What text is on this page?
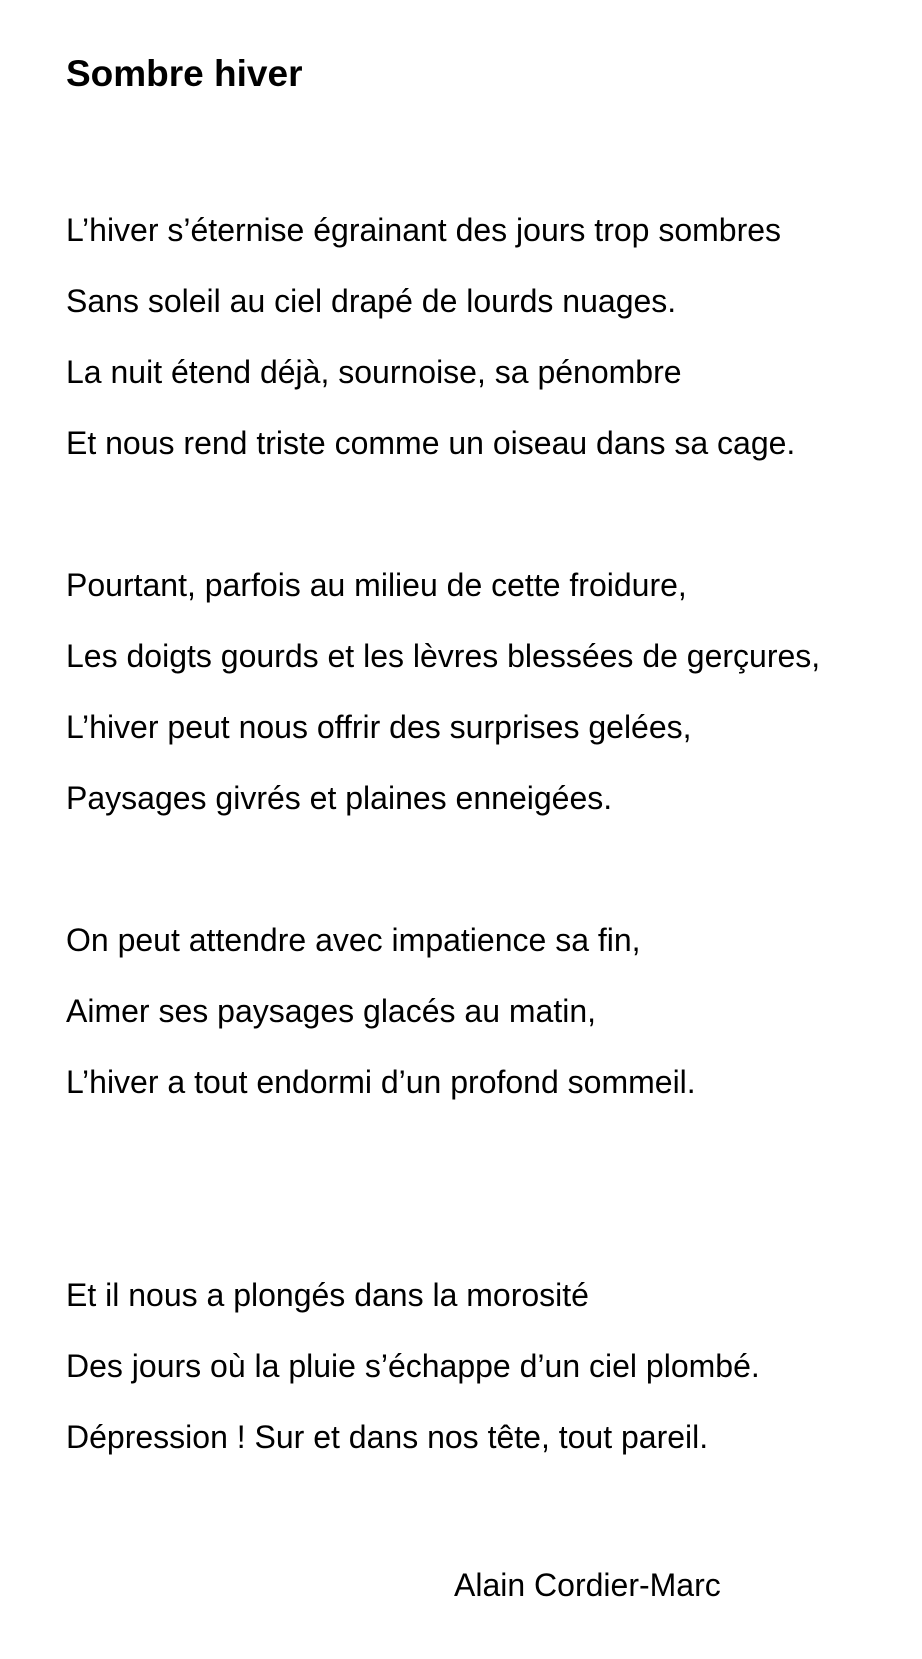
Sombre hiver
L’hiver s’éternise égrainant des jours trop sombres
Sans soleil au ciel drapé de lourds nuages.
La nuit étend déjà, sournoise, sa pénombre
Et nous rend triste comme un oiseau dans sa cage.
Pourtant, parfois au milieu de cette froidure,
Les doigts gourds et les lèvres blessées de gerçures,
L’hiver peut nous offrir des surprises gelées,
Paysages givrés et plaines enneigées.
On peut attendre avec impatience sa fin,
Aimer ses paysages glacés au matin,
L’hiver a tout endormi d’un profond sommeil.
Et il nous a plongés dans la morosité
Des jours où la pluie s’échappe d’un ciel plombé.
Dépression ! Sur et dans nos tête, tout pareil.
Alain Cordier-Marc
